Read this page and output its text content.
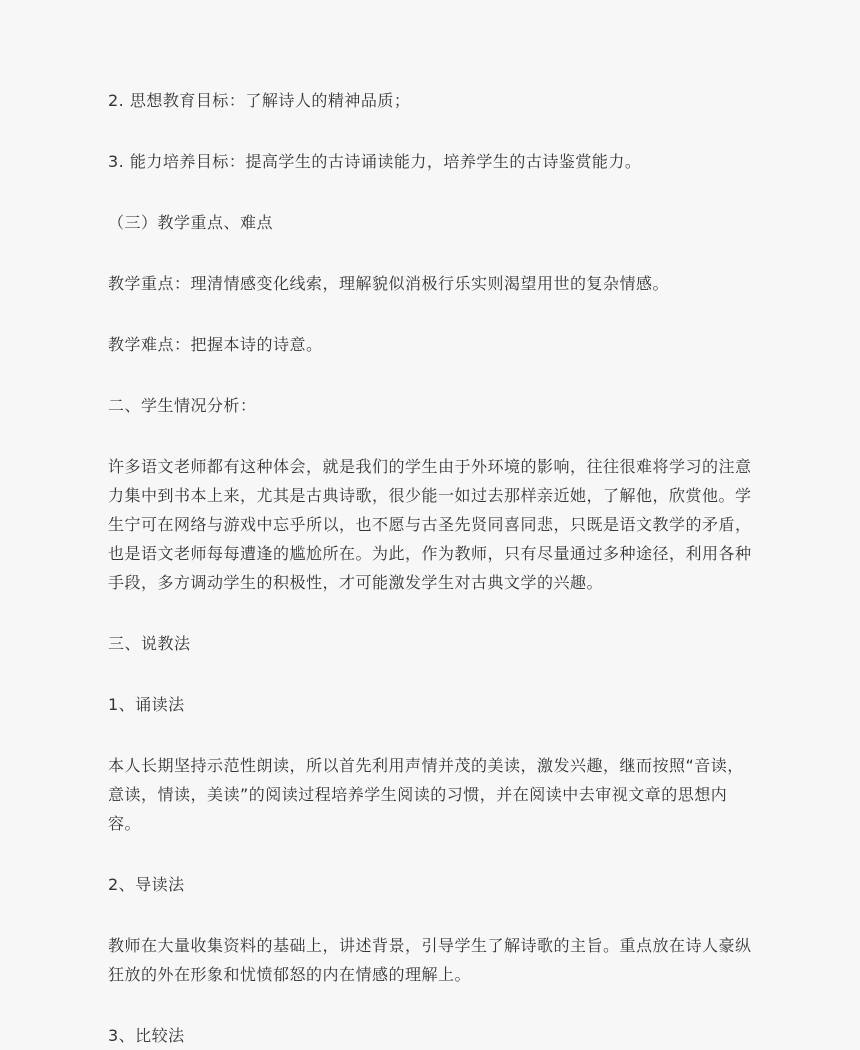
2. 思想教育目标：了解诗人的精神品质；

3. 能力培养目标：提高学生的古诗诵读能力，培养学生的古诗鉴赏能力。

（三）教学重点、难点

教学重点：理清情感变化线索，理解貌似消极行乐实则渴望用世的复杂情感。

教学难点：把握本诗的诗意。

二、学生情况分析：

许多语文老师都有这种体会，就是我们的学生由于外环境的影响，往往很难将学习的注意

力集中到书本上来，尤其是古典诗歌，很少能一如过去那样亲近她，了解他，欣赏他。学

生宁可在网络与游戏中忘乎所以，也不愿与古圣先贤同喜同悲，只既是语文教学的矛盾，

也是语文老师每每遭逢的尴尬所在。为此，作为教师，只有尽量通过多种途径，利用各种

手段，多方调动学生的积极性，才可能激发学生对古典文学的兴趣。

三、说教法

1、诵读法

本人长期坚持示范性朗读，所以首先利用声情并茂的美读，激发兴趣，继而按照“音读，

意读，情读，美读”的阅读过程培养学生阅读的习惯，并在阅读中去审视文章的思想内容。

2、导读法

教师在大量收集资料的基础上，讲述背景，引导学生了解诗歌的主旨。重点放在诗人豪纵

狂放的外在形象和忧愤郁怒的内在情感的理解上。

3、比较法
